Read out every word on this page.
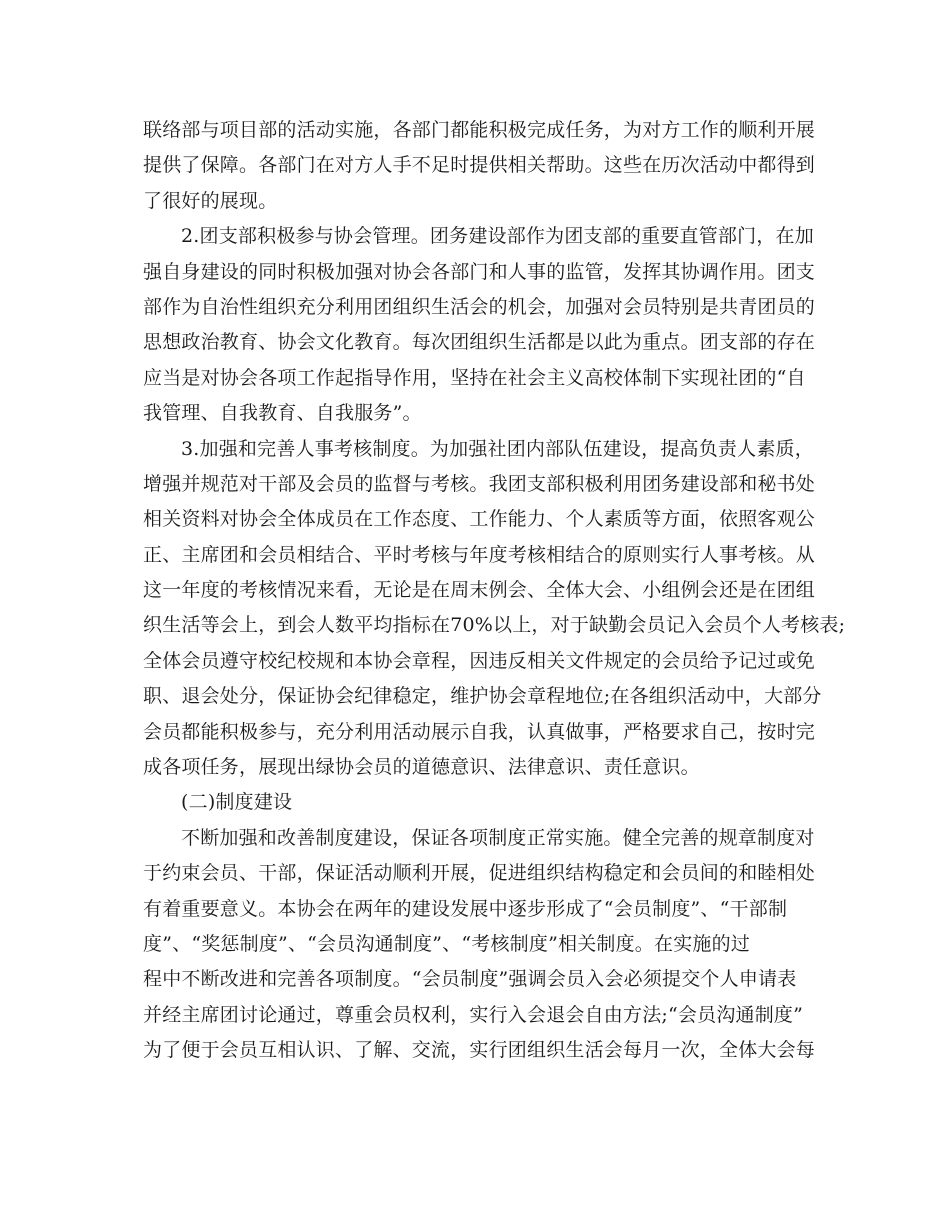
联络部与项目部的活动实施，各部门都能积极完成任务，为对方工作的顺利开展
提供了保障。各部门在对方人手不足时提供相关帮助。这些在历次活动中都得到
了很好的展现。
2.团支部积极参与协会管理。团务建设部作为团支部的重要直管部门，在加
强自身建设的同时积极加强对协会各部门和人事的监管，发挥其协调作用。团支
部作为自治性组织充分利用团组织生活会的机会，加强对会员特别是共青团员的
思想政治教育、协会文化教育。每次团组织生活都是以此为重点。团支部的存在
应当是对协会各项工作起指导作用，坚持在社会主义高校体制下实现社团的“自
我管理、自我教育、自我服务”。
3.加强和完善人事考核制度。为加强社团内部队伍建设，提高负责人素质，
增强并规范对干部及会员的监督与考核。我团支部积极利用团务建设部和秘书处
相关资料对协会全体成员在工作态度、工作能力、个人素质等方面，依照客观公
正、主席团和会员相结合、平时考核与年度考核相结合的原则实行人事考核。从
这一年度的考核情况来看，无论是在周末例会、全体大会、小组例会还是在团组
织生活等会上，到会人数平均指标在70%以上，对于缺勤会员记入会员个人考核表;
全体会员遵守校纪校规和本协会章程，因违反相关文件规定的会员给予记过或免
职、退会处分，保证协会纪律稳定，维护协会章程地位;在各组织活动中，大部分
会员都能积极参与，充分利用活动展示自我，认真做事，严格要求自己，按时完
成各项任务，展现出绿协会员的道德意识、法律意识、责任意识。
(二)制度建设
不断加强和改善制度建设，保证各项制度正常实施。健全完善的规章制度对
于约束会员、干部，保证活动顺利开展，促进组织结构稳定和会员间的和睦相处
有着重要意义。本协会在两年的建设发展中逐步形成了“会员制度”、“干部制
度”、“奖惩制度”、“会员沟通制度”、“考核制度”相关制度。在实施的过
程中不断改进和完善各项制度。“会员制度”强调会员入会必须提交个人申请表
并经主席团讨论通过，尊重会员权利，实行入会退会自由方法;“会员沟通制度”
为了便于会员互相认识、了解、交流，实行团组织生活会每月一次，全体大会每
